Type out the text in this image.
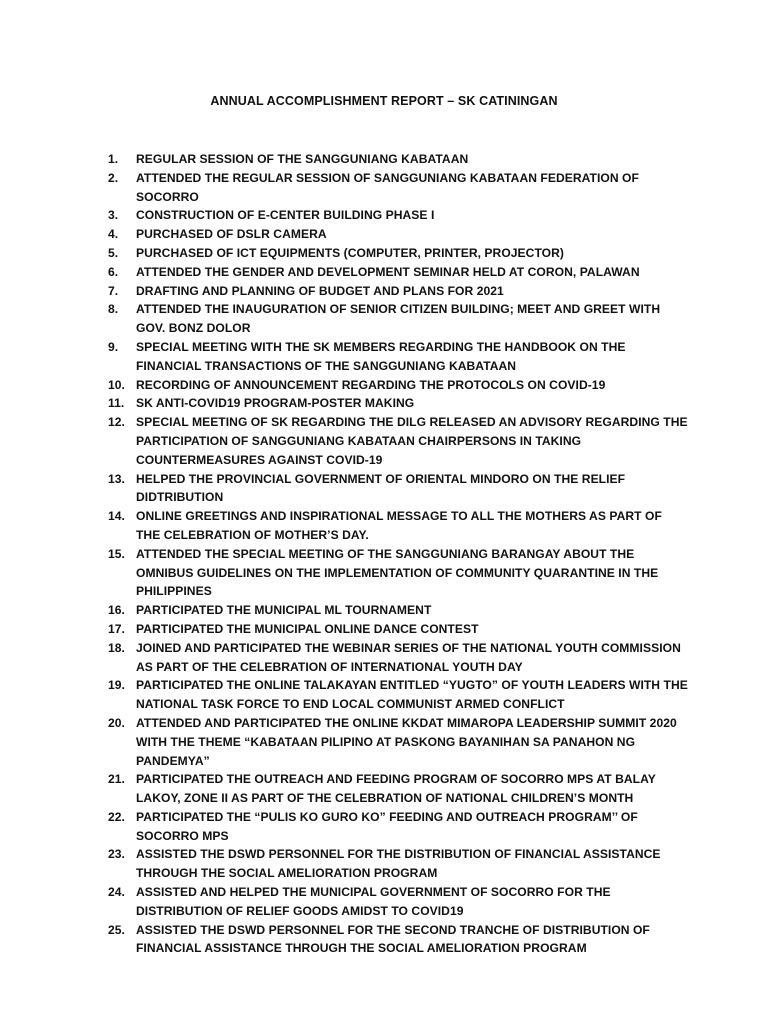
ANNUAL ACCOMPLISHMENT REPORT – SK CATININGAN
1.	REGULAR SESSION OF THE SANGGUNIANG KABATAAN
2.	ATTENDED THE REGULAR SESSION OF SANGGUNIANG KABATAAN FEDERATION OF SOCORRO
3.	CONSTRUCTION OF E-CENTER BUILDING PHASE I
4.	PURCHASED OF DSLR CAMERA
5.	PURCHASED OF ICT EQUIPMENTS (COMPUTER, PRINTER, PROJECTOR)
6.	ATTENDED THE GENDER AND DEVELOPMENT SEMINAR HELD AT CORON, PALAWAN
7.	DRAFTING AND PLANNING OF BUDGET AND PLANS FOR 2021
8.	ATTENDED THE INAUGURATION OF SENIOR CITIZEN BUILDING; MEET AND GREET WITH GOV. BONZ DOLOR
9.	SPECIAL MEETING WITH THE SK MEMBERS REGARDING THE HANDBOOK ON THE FINANCIAL TRANSACTIONS OF THE SANGGUNIANG KABATAAN
10. RECORDING OF ANNOUNCEMENT REGARDING THE PROTOCOLS ON COVID-19
11. SK ANTI-COVID19 PROGRAM-POSTER MAKING
12. SPECIAL MEETING OF SK REGARDING THE DILG RELEASED AN ADVISORY REGARDING THE PARTICIPATION OF SANGGUNIANG KABATAAN CHAIRPERSONS IN TAKING COUNTERMEASURES AGAINST COVID-19
13. HELPED THE PROVINCIAL GOVERNMENT OF ORIENTAL MINDORO ON THE RELIEF DIDTRIBUTION
14. ONLINE GREETINGS AND INSPIRATIONAL MESSAGE TO ALL THE MOTHERS AS PART OF THE CELEBRATION OF MOTHER’S DAY.
15. ATTENDED THE SPECIAL MEETING OF THE SANGGUNIANG BARANGAY ABOUT THE OMNIBUS GUIDELINES ON THE IMPLEMENTATION OF COMMUNITY QUARANTINE IN THE PHILIPPINES
16. PARTICIPATED THE MUNICIPAL ML TOURNAMENT
17. PARTICIPATED THE MUNICIPAL ONLINE DANCE CONTEST
18. JOINED AND PARTICIPATED THE WEBINAR SERIES OF THE NATIONAL YOUTH COMMISSION AS PART OF THE CELEBRATION OF INTERNATIONAL YOUTH DAY
19. PARTICIPATED THE ONLINE TALAKAYAN ENTITLED “YUGTO” OF YOUTH LEADERS WITH THE NATIONAL TASK FORCE TO END LOCAL COMMUNIST ARMED CONFLICT
20. ATTENDED AND PARTICIPATED THE ONLINE KKDAT MIMAROPA LEADERSHIP SUMMIT 2020 WITH THE THEME “KABATAAN PILIPINO AT PASKONG BAYANIHAN SA PANAHON NG PANDEMYA”
21. PARTICIPATED THE OUTREACH AND FEEDING PROGRAM OF SOCORRO MPS AT BALAY LAKOY, ZONE II AS PART OF THE CELEBRATION OF NATIONAL CHILDREN’S MONTH
22. PARTICIPATED THE “PULIS KO GURO KO” FEEDING AND OUTREACH PROGRAM’’ OF SOCORRO MPS
23. ASSISTED THE DSWD PERSONNEL FOR THE DISTRIBUTION OF FINANCIAL ASSISTANCE THROUGH THE SOCIAL AMELIORATION PROGRAM
24. ASSISTED AND HELPED THE MUNICIPAL GOVERNMENT OF SOCORRO FOR THE DISTRIBUTION OF RELIEF GOODS AMIDST TO COVID19
25. ASSISTED THE DSWD PERSONNEL FOR THE SECOND TRANCHE OF DISTRIBUTION OF FINANCIAL ASSISTANCE THROUGH THE SOCIAL AMELIORATION PROGRAM
